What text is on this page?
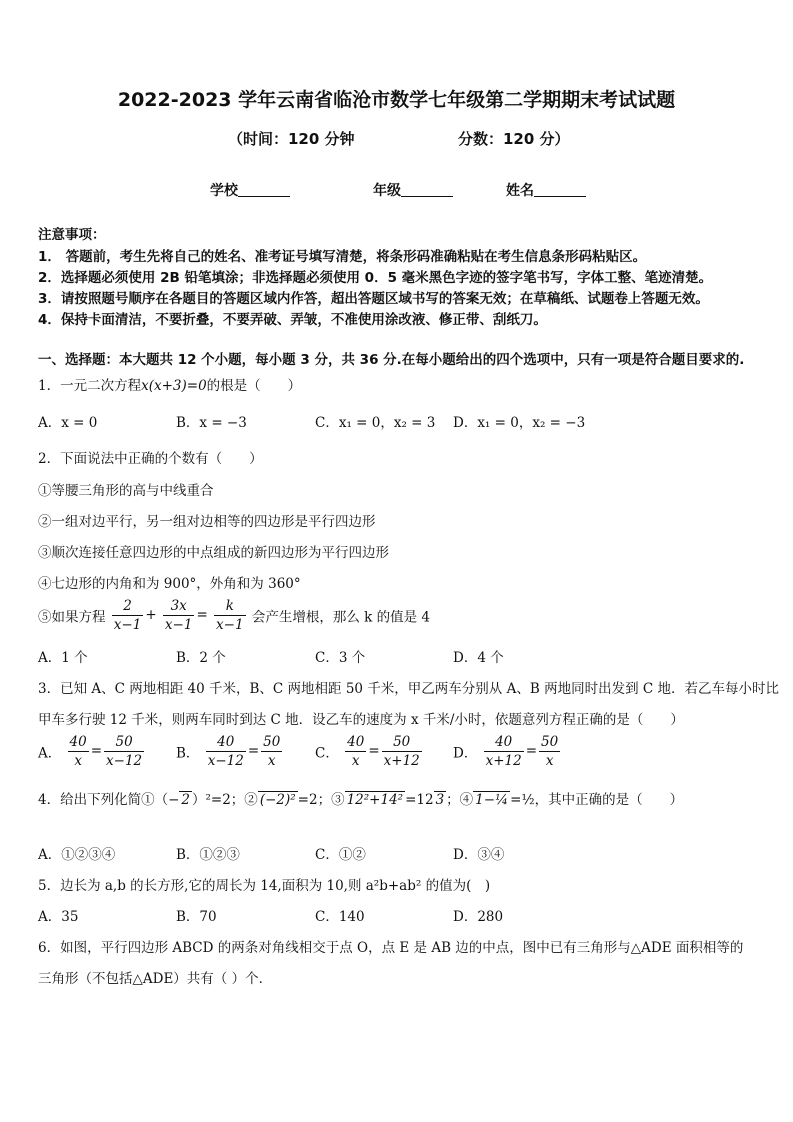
2022-2023 学年云南省临沧市数学七年级第二学期期末考试试题
（时间：120 分钟	分数：120 分）
学校	年级	姓名
注意事项：
1． 答题前，考生先将自己的姓名、准考证号填写清楚，将条形码准确粘贴在考生信息条形码粘贴区。
2．选择题必须使用 2B 铅笔填涂；非选择题必须使用 0．5 毫米黑色字迹的签字笔书写，字体工整、笔迹清楚。
3．请按照题号顺序在各题目的答题区域内作答，超出答题区域书写的答案无效；在草稿纸、试题卷上答题无效。
4．保持卡面清洁，不要折叠，不要弄破、弄皱，不准使用涂改液、修正带、刮纸刀。
一、选择题：本大题共 12 个小题，每小题 3 分，共 36 分.在每小题给出的四个选项中，只有一项是符合题目要求的.
1．一元二次方程x(x+3)=0的根是（　　）
A．x = 0	B．x = −3	C．x₁ = 0，x₂ = 3 D．x₁ = 0，x₂ = −3
2．下面说法中正确的个数有（　　）
①等腰三角形的高与中线重合
②一组对边平行，另一组对边相等的四边形是平行四边形
③顺次连接任意四边形的中点组成的新四边形为平行四边形
④七边形的内角和为 900°，外角和为 360°
⑤如果方程 $\frac{2}{x-1} + \frac{3x}{x-1} = \frac{k}{x-1}$ 会产生增根，那么 k 的值是 4
A．1 个	B．2 个	C．3 个	D．4 个
3．已知 A、C 两地相距 40 千米，B、C 两地相距 50 千米，甲乙两车分别从 A、B 两地同时出发到 C 地．若乙车每小时比
甲车多行驶 12 千米，则两车同时到达 C 地．设乙车的速度为 x 千米/小时，依题意列方程正确的是（　　）
A． $\frac{40}{x} = \frac{50}{x-12}$ B． $\frac{40}{x-12} = \frac{50}{x}$ C． $\frac{40}{x} = \frac{50}{x+12}$ D． $\frac{40}{x+12} = \frac{50}{x}$
4．给出下列化简①（− 2 ）²=2；② (−2)² =2；③ 12²+14² =12 3 ；④ 1−¼ =½，其中正确的是（　　）
A．①②③④	B．①②③	C．①②	D．③④
5．边长为 a,b 的长方形,它的周长为 14,面积为 10,则 a²b+ab² 的值为(　)
A．35	B．70	C．140	D．280
6．如图，平行四边形 ABCD 的两条对角线相交于点 O，点 E 是 AB 边的中点，图中已有三角形与△ADE 面积相等的
三角形（不包括△ADE）共有（ ）个．
